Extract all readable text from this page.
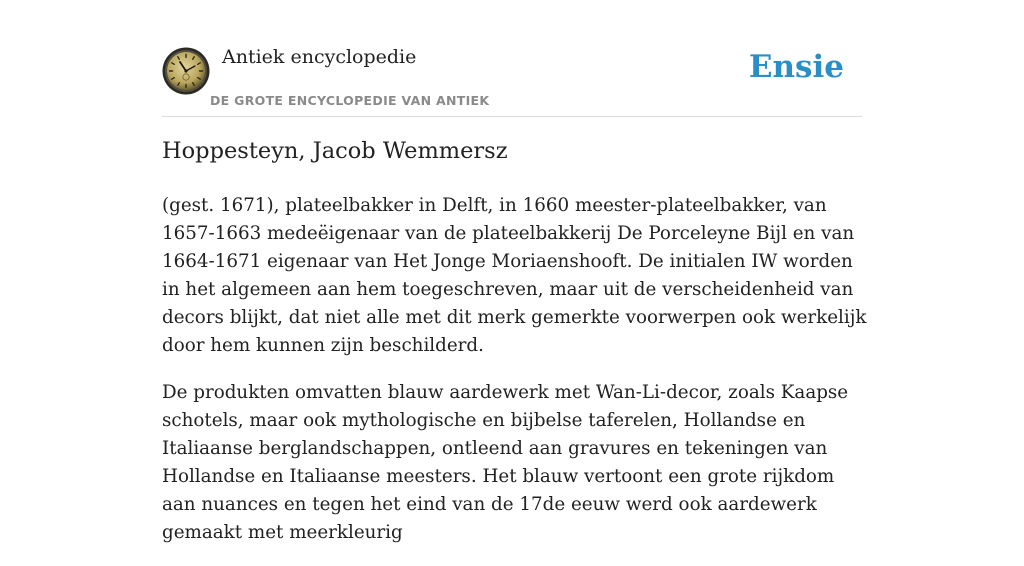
Antiek encyclopedie
DE GROTE ENCYCLOPEDIE VAN ANTIEK
Ensie
Hoppesteyn, Jacob Wemmersz

(gest. 1671), plateelbakker in Delft, in 1660 meester-plateelbakker, van 1657-1663 medeëigenaar van de plateelbakkerij De Porceleyne Bijl en van 1664-1671 eigenaar van Het Jonge Moriaenshooft. De initialen IW worden in het algemeen aan hem toegeschreven, maar uit de verscheidenheid van decors blijkt, dat niet alle met dit merk gemerkte voorwerpen ook werkelijk door hem kunnen zijn beschilderd.

De produkten omvatten blauw aardewerk met Wan-Li-decor, zoals Kaapse schotels, maar ook mythologische en bijbelse taferelen, Hollandse en Italiaanse berglandschappen, ontleend aan gravures en tekeningen van Hollandse en Italiaanse meesters. Het blauw vertoont een grote rijkdom aan nuances en tegen het eind van de 17de eeuw werd ook aardewerk gemaakt met meerkleurig
